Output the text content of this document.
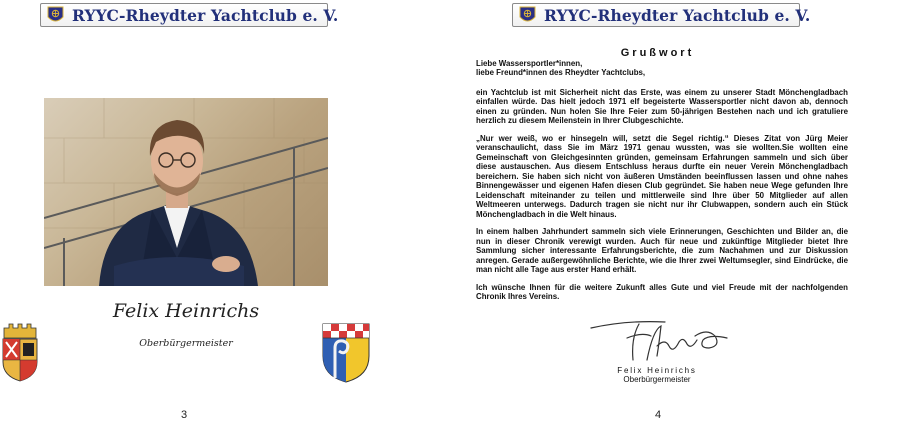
RYYC-Rheydter Yachtclub e. V.
Felix Heinrichs
Oberbürgermeister
3
RYYC-Rheydter Yachtclub e. V.
Grußwort

Liebe Wassersportler*innen,
liebe Freund*innen des Rheydter Yachtclubs,

ein Yachtclub ist mit Sicherheit nicht das Erste, was einem zu unserer Stadt Mönchengladbach einfallen würde. Das hielt jedoch 1971 elf begeisterte Wassersportler nicht davon ab, dennoch einen zu gründen. Nun holen Sie Ihre Feier zum 50-jährigen Bestehen nach und ich gratuliere herzlich zu diesem Meilenstein in Ihrer Clubgeschichte.

„Nur wer weiß, wo er hinsegeln will, setzt die Segel richtig.“ Dieses Zitat von Jürg Meier veranschaulicht, dass Sie im März 1971 genau wussten, was sie wollten.Sie wollten eine Gemeinschaft von Gleichgesinnten gründen, gemeinsam Erfahrungen sammeln und sich über diese austauschen. Aus diesem Entschluss heraus durfte ein neuer Verein Mönchengladbach bereichern. Sie haben sich nicht von äußeren Umständen beeinflussen lassen und ohne nahes Binnengewässer und eigenen Hafen diesen Club gegründet. Sie haben neue Wege gefunden Ihre Leidenschaft miteinander zu teilen und mittlerweile sind Ihre über 50 Mitglieder auf allen Weltmeeren unterwegs. Dadurch tragen sie nicht nur ihr Clubwappen, sondern auch ein Stück Mönchengladbach in die Welt hinaus.

In einem halben Jahrhundert sammeln sich viele Erinnerungen, Geschichten und Bilder an, die nun in dieser Chronik verewigt wurden. Auch für neue und zukünftige Mitglieder bietet Ihre Sammlung sicher interessante Erfahrungsberichte, die zum Nachahmen und zur Diskussion anregen. Gerade außergewöhnliche Berichte, wie die Ihrer zwei Weltumsegler, sind Eindrücke, die man nicht alle Tage aus erster Hand erhält.

Ich wünsche Ihnen für die weitere Zukunft alles Gute und viel Freude mit der nachfolgenden Chronik Ihres Vereins.

Felix Heinrichs
Oberbürgermeister
4
